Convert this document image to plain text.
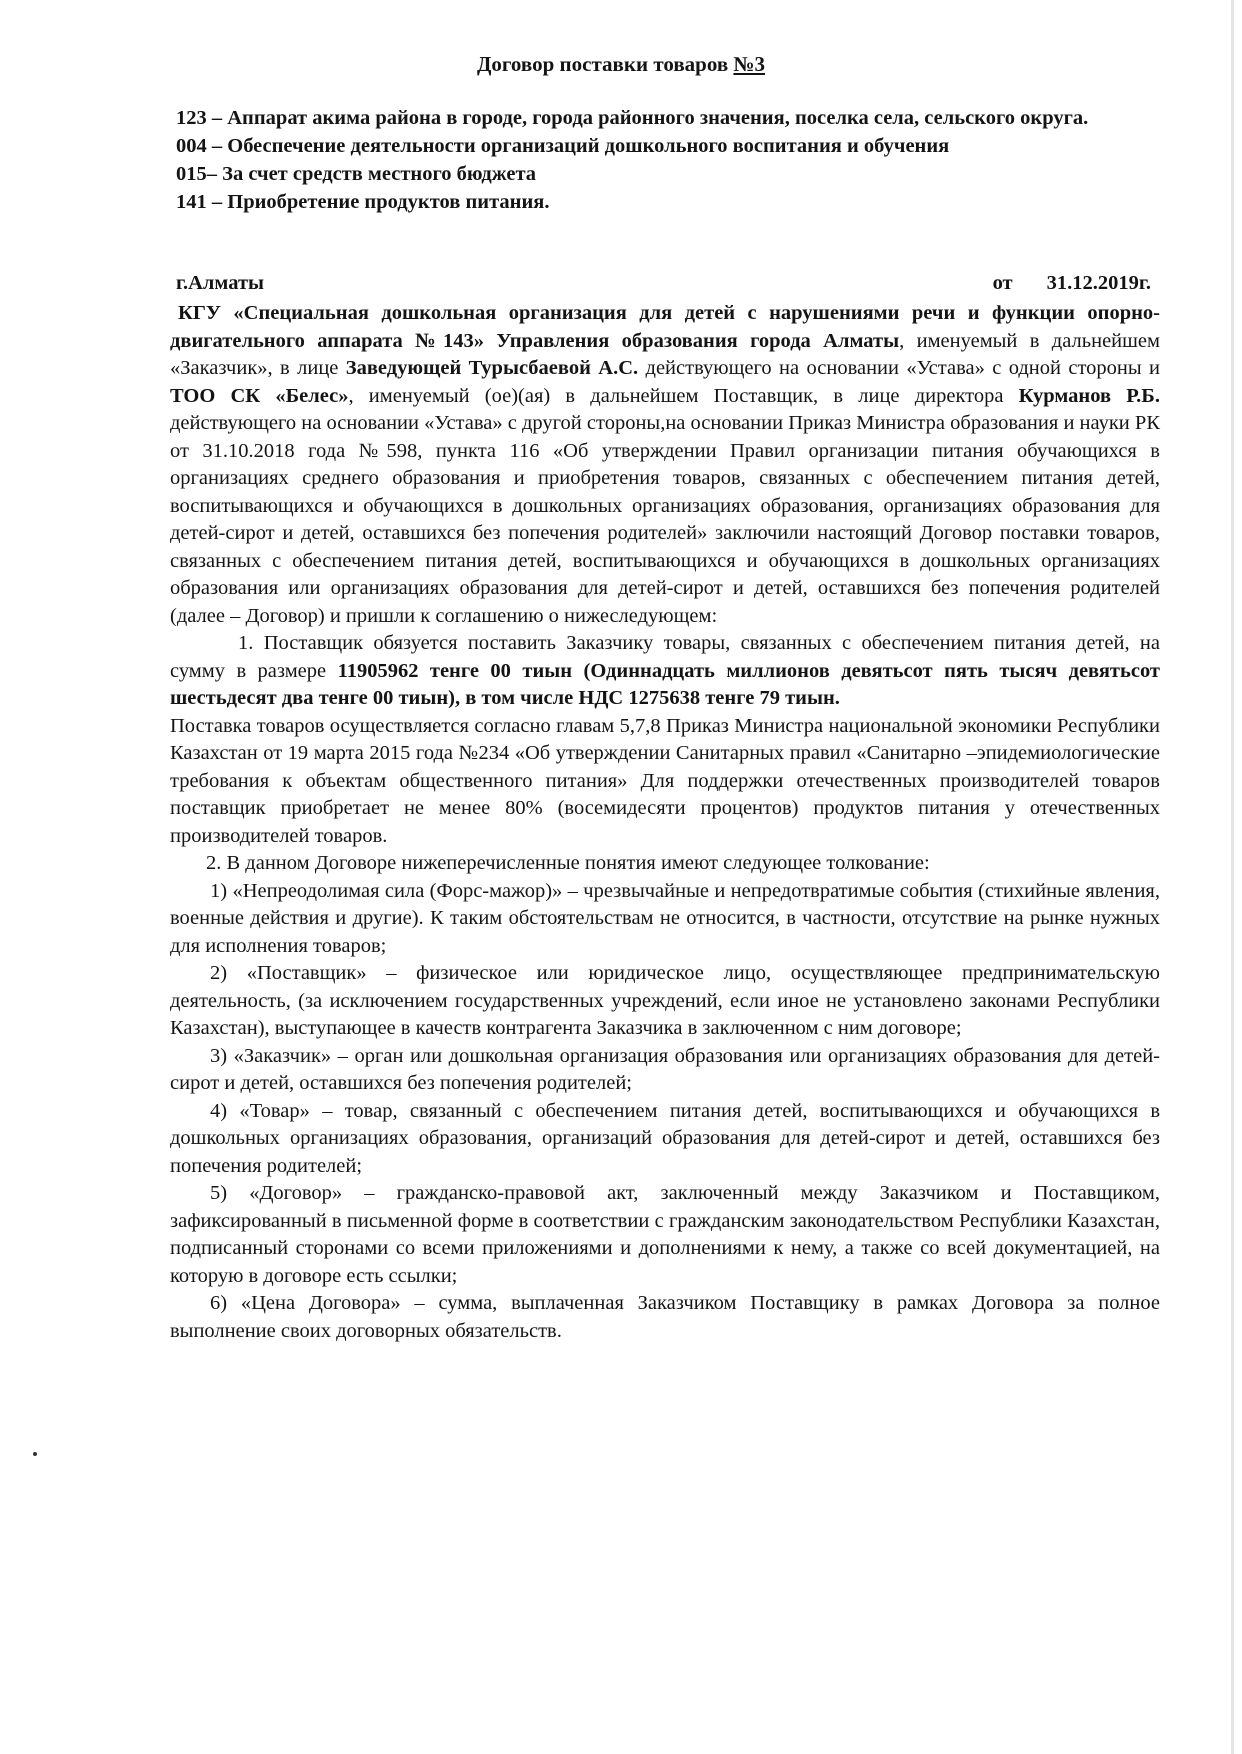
Договор поставки товаров №3

123 – Аппарат акима района в городе, города районного значения, поселка села, сельского округа.

004 – Обеспечение деятельности организаций дошкольного воспитания и обучения

015– За счет средств местного бюджета

141 – Приобретение продуктов питания.

г.Алматы	от 31.12.2019г.

КГУ «Специальная дошкольная организация для детей с нарушениями речи и функции опорно- двигательного аппарата №143» Управления образования города Алматы, именуемый в дальнейшем «Заказчик», в лице Заведующей Турысбаевой А.С. действующего на основании «Устава» с одной стороны и ТОО СК «Белес», именуемый (ое)(ая) в дальнейшем Поставщик, в лице директора Курманов Р.Б. действующего на основании «Устава» с другой стороны,на основании Приказ Министра образования и науки РК от 31.10.2018 года №598, пункта 116 «Об утверждении Правил организации питания обучающихся в организациях среднего образования и приобретения товаров, связанных с обеспечением питания детей, воспитывающихся и обучающихся в дошкольных организациях образования, организациях образования для детей-сирот и детей, оставшихся без попечения родителей» заключили настоящий Договор поставки товаров, связанных с обеспечением питания детей, воспитывающихся и обучающихся в дошкольных организациях образования или организациях образования для детей-сирот и детей, оставшихся без попечения родителей (далее – Договор) и пришли к соглашению о нижеследующем:

1. Поставщик обязуется поставить Заказчику товары, связанных с обеспечением питания детей, на сумму в размере 11905962 тенге 00 тиын (Одиннадцать миллионов девятьсот пять тысяч девятьсот шестьдесят два тенге 00 тиын), в том числе НДС 1275638 тенге 79 тиын.

Поставка товаров осуществляется согласно главам 5,7,8 Приказ Министра национальной экономики Республики Казахстан от 19 марта 2015 года №234 «Об утверждении Санитарных правил «Санитарно –эпидемиологические требования к объектам общественного питания» Для поддержки отечественных производителей товаров поставщик приобретает не менее 80% (восемидесяти процентов) продуктов питания у отечественных производителей товаров.

2. В данном Договоре нижеперечисленные понятия имеют следующее толкование:

1) «Непреодолимая сила (Форс-мажор)» – чрезвычайные и непредотвратимые события (стихийные явления, военные действия и другие). К таким обстоятельствам не относится, в частности, отсутствие на рынке нужных для исполнения товаров;

2) «Поставщик» – физическое или юридическое лицо, осуществляющее предпринимательскую деятельность, (за исключением государственных учреждений, если иное не установлено законами Республики Казахстан), выступающее в качеств контрагента Заказчика в заключенном с ним договоре;

3) «Заказчик» – орган или дошкольная организация образования или организациях образования для детей-сирот и детей, оставшихся без попечения родителей;

4) «Товар» – товар, связанный с обеспечением питания детей, воспитывающихся и обучающихся в дошкольных организациях образования, организаций образования для детей-сирот и детей, оставшихся без попечения родителей;

5) «Договор» – гражданско-правовой акт, заключенный между Заказчиком и Поставщиком, зафиксированный в письменной форме в соответствии с гражданским законодательством Республики Казахстан, подписанный сторонами со всеми приложениями и дополнениями к нему, а также со всей документацией, на которую в договоре есть ссылки;

6) «Цена Договора» – сумма, выплаченная Заказчиком Поставщику в рамках Договора за полное выполнение своих договорных обязательств.
